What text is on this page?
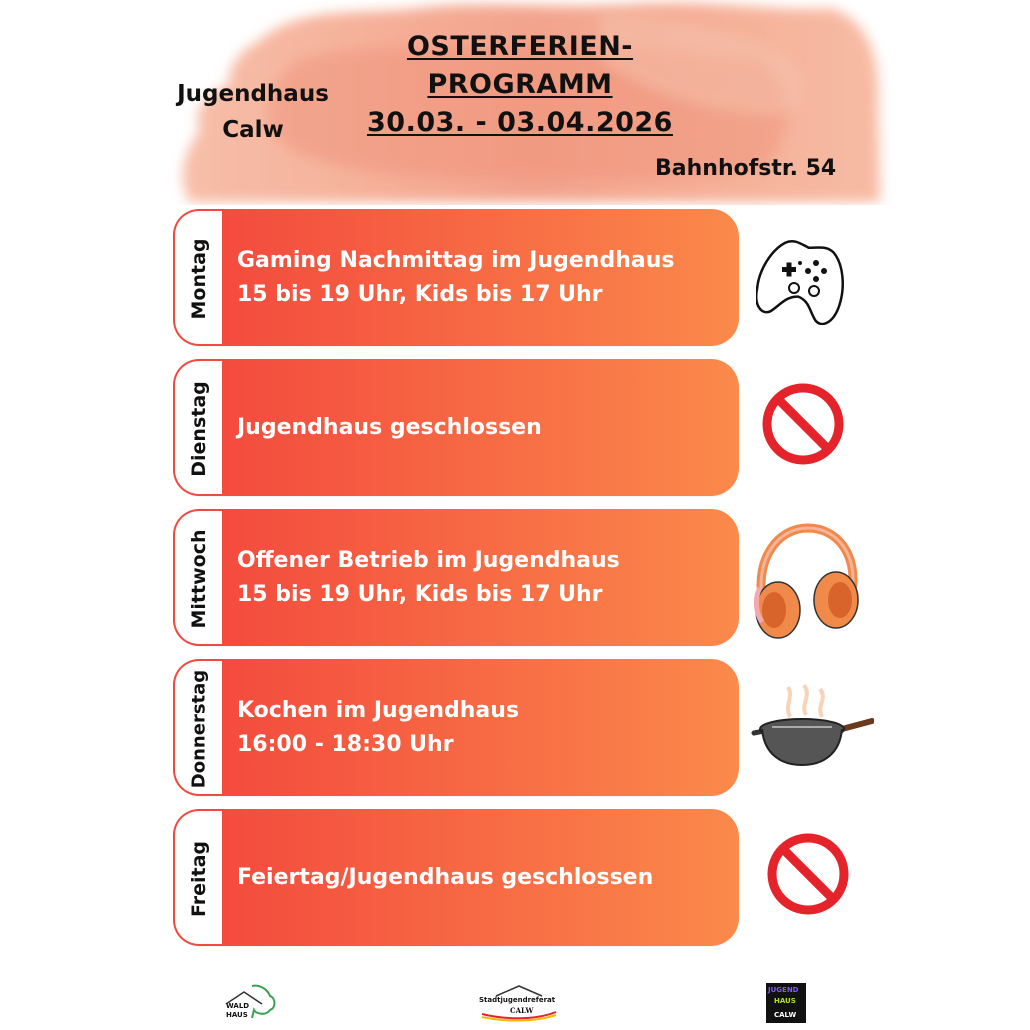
Jugendhaus
Calw
OSTERFERIEN-
PROGRAMM
30.03. - 03.04.2026
Bahnhofstr. 54
Montag Gaming Nachmittag im Jugendhaus
15 bis 19 Uhr, Kids bis 17 Uhr
Dienstag Jugendhaus geschlossen
Mittwoch Offener Betrieb im Jugendhaus
15 bis 19 Uhr, Kids bis 17 Uhr
Donnerstag Kochen im Jugendhaus
16:00 - 18:30 Uhr
Freitag Feiertag/Jugendhaus geschlossen
WALD
HAUS
Stadtjugendreferat
CALW
JUGEND
HAUS
CALW
